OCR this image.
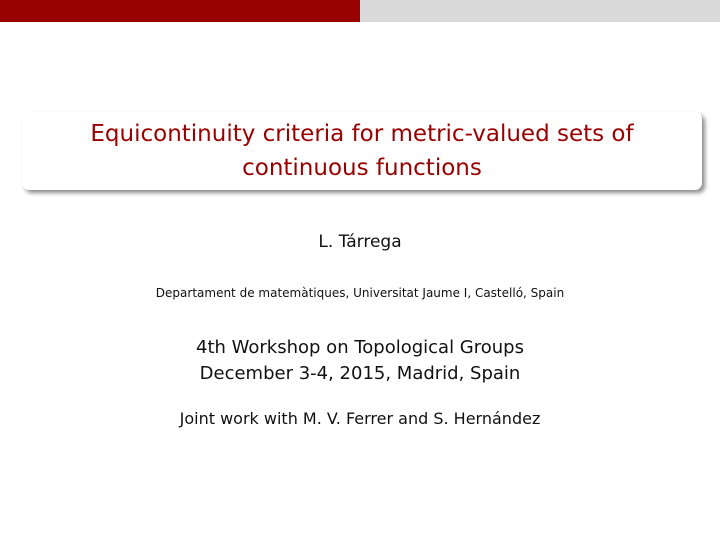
Equicontinuity criteria for metric-valued sets of
continuous functions
L. Tárrega
Departament de matemàtiques, Universitat Jaume I, Castelló, Spain
4th Workshop on Topological Groups
December 3-4, 2015, Madrid, Spain
Joint work with M. V. Ferrer and S. Hernández
